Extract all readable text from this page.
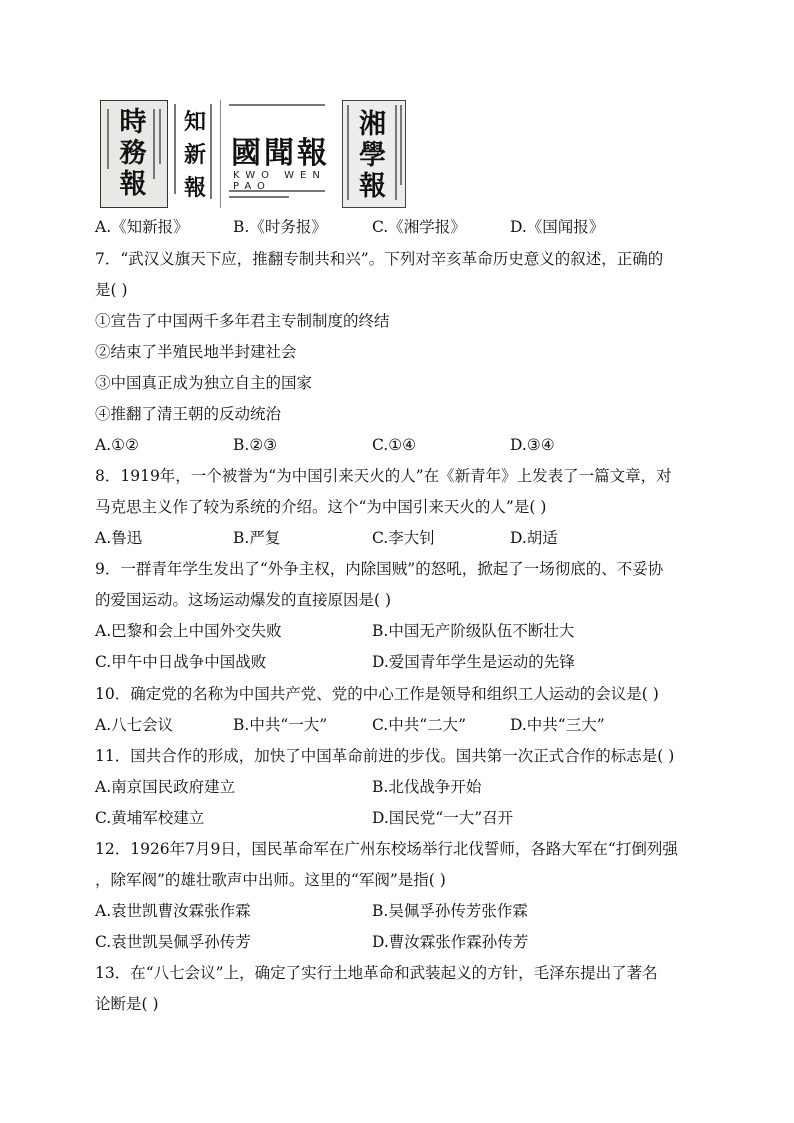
時務報
知新報
國聞報
KWO WEN PAO
湘學報
A.《知新报》	B.《时务报》	C.《湘学报》	D.《国闻报》
7．“武汉义旗天下应，推翻专制共和兴”。下列对辛亥革命历史意义的叙述，正确的
是( )
①宣告了中国两千多年君主专制制度的终结
②结束了半殖民地半封建社会
③中国真正成为独立自主的国家
④推翻了清王朝的反动统治
A.①②	B.②③	C.①④	D.③④
8．1919年，一个被誉为“为中国引来天火的人”在《新青年》上发表了一篇文章，对
马克思主义作了较为系统的介绍。这个“为中国引来天火的人”是( )
A.鲁迅	B.严复	C.李大钊	D.胡适
9．一群青年学生发出了“外争主权，内除国贼”的怒吼，掀起了一场彻底的、不妥协
的爱国运动。这场运动爆发的直接原因是( )
A.巴黎和会上中国外交失败	B.中国无产阶级队伍不断壮大
C.甲午中日战争中国战败	D.爱国青年学生是运动的先锋
10．确定党的名称为中国共产党、党的中心工作是领导和组织工人运动的会议是( )
A.八七会议	B.中共“一大”	C.中共“二大”	D.中共“三大”
11．国共合作的形成，加快了中国革命前进的步伐。国共第一次正式合作的标志是( )
A.南京国民政府建立	B.北伐战争开始
C.黄埔军校建立	D.国民党“一大”召开
12．1926年7月9日，国民革命军在广州东校场举行北伐誓师，各路大军在“打倒列强
，除军阀”的雄壮歌声中出师。这里的“军阀”是指( )
A.袁世凯曹汝霖张作霖	B.吴佩孚孙传芳张作霖
C.袁世凯吴佩孚孙传芳	D.曹汝霖张作霖孙传芳
13．在“八七会议”上，确定了实行土地革命和武装起义的方针，毛泽东提出了著名
论断是( )
